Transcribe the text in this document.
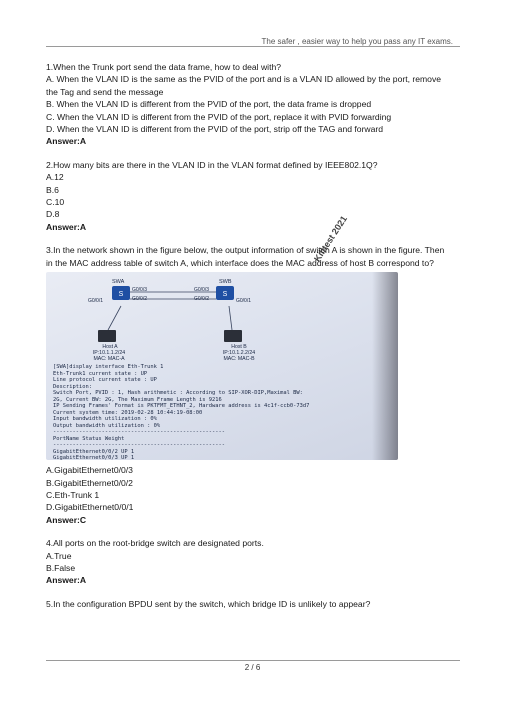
The safer , easier way to help you pass any IT exams.
1.When the Trunk port send the data frame, how to deal with?
A. When the VLAN ID is the same as the PVID of the port and is a VLAN ID allowed by the port, remove
the Tag and send the message
B. When the VLAN ID is different from the PVID of the port, the data frame is dropped
C. When the VLAN ID is different from the PVID of the port, replace it with PVID forwarding
D. When the VLAN ID is different from the PVID of the port, strip off the TAG and forward
Answer:A
2.How many bits are there in the VLAN ID in the VLAN format defined by IEEE802.1Q?
A.12
B.6
C.10
D.8
Answer:A
3.In the network shown in the figure below, the output information of switch A is shown in the figure. Then
in the MAC address table of switch A, which interface does the MAC address of host B correspond to?
S	S
SWA	SWB
G0/0/3
G0/0/2
G0/0/1
G0/0/3
G0/0/2	G0/0/1
Host A
IP:10.1.1.2/24
MAC: MAC-A
Host B
IP:10.1.2.2/24
MAC: MAC-B
[SWA]display interface Eth-Trunk 1
Eth-Trunk1 current state : UP
Line protocol current state : UP
Description:
Switch Port, PVID : 1, Hash arithmetic : According to SIP-XOR-DIP,Maximal BW:
2G, Current BW: 2G, The Maximum Frame Length is 9216
IP Sending Frames' Format is PKTFMT_ETHNT_2, Hardware address is 4c1f-ccb0-73d7
Current system time: 2019-02-28 10:44:19-08:00
Input bandwidth utilization : 0%
Output bandwidth utilization : 0%
-----------------------------------------------------
PortName Status Weight
-----------------------------------------------------
GigabitEthernet0/0/2 UP 1
GigabitEthernet0/0/3 UP 1
A.GigabitEthernet0/0/3
B.GigabitEthernet0/0/2
C.Eth-Trunk 1
D.GigabitEthernet0/0/1
Answer:C
4.All ports on the root-bridge switch are designated ports.
A.True
B.False
Answer:A
5.In the configuration BPDU sent by the switch, which bridge ID is unlikely to appear?
Killtest 2021
2 / 6
